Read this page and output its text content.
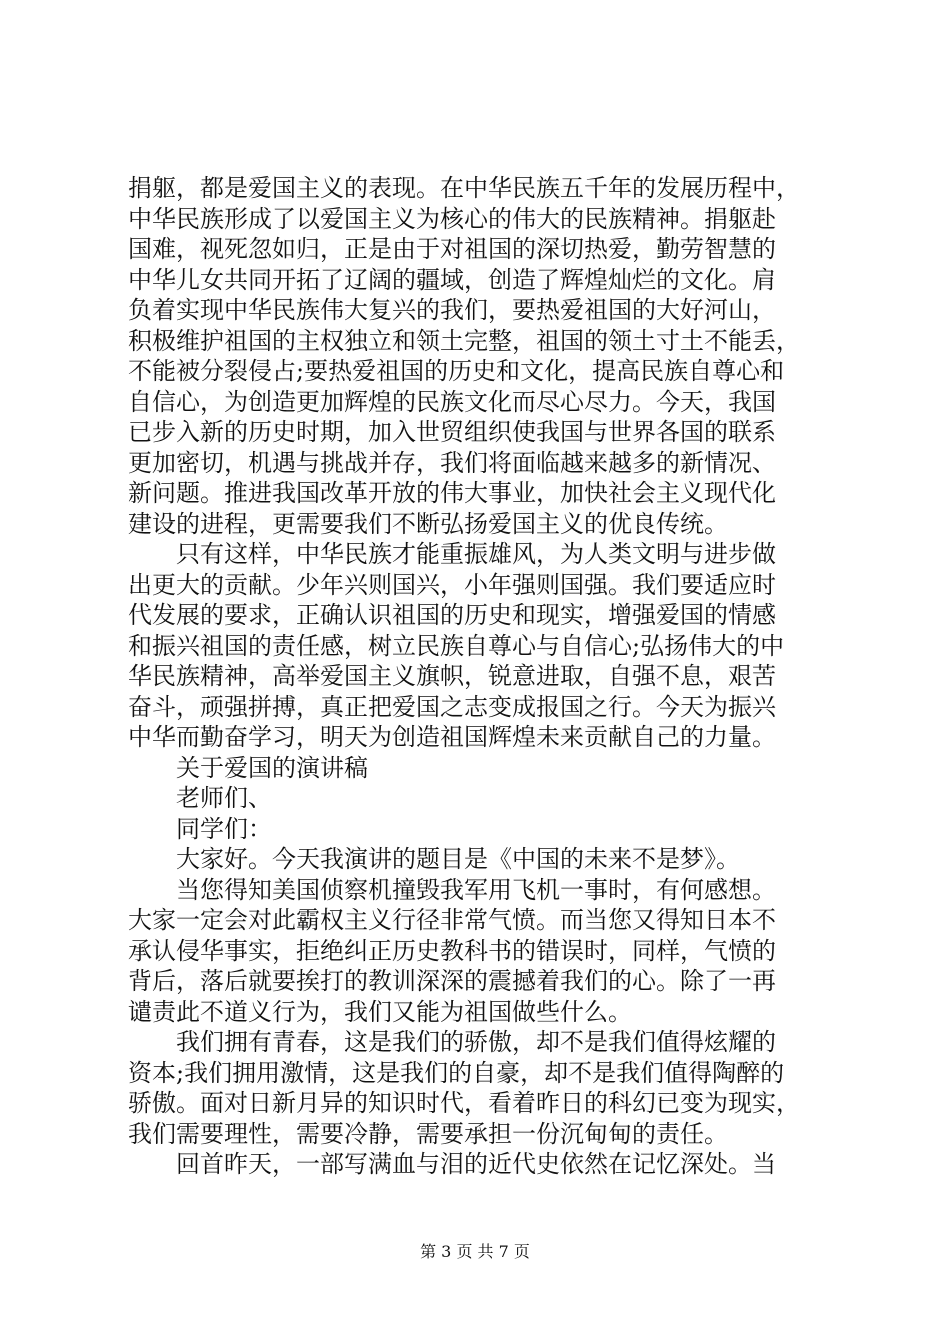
捐躯，都是爱国主义的表现。在中华民族五千年的发展历程中，
中华民族形成了以爱国主义为核心的伟大的民族精神。捐躯赴
国难，视死忽如归，正是由于对祖国的深切热爱，勤劳智慧的
中华儿女共同开拓了辽阔的疆域，创造了辉煌灿烂的文化。肩
负着实现中华民族伟大复兴的我们，要热爱祖国的大好河山，
积极维护祖国的主权独立和领土完整，祖国的领土寸土不能丢，
不能被分裂侵占;要热爱祖国的历史和文化，提高民族自尊心和
自信心，为创造更加辉煌的民族文化而尽心尽力。今天，我国
已步入新的历史时期，加入世贸组织使我国与世界各国的联系
更加密切，机遇与挑战并存，我们将面临越来越多的新情况、
新问题。推进我国改革开放的伟大事业，加快社会主义现代化
建设的进程，更需要我们不断弘扬爱国主义的优良传统。
只有这样，中华民族才能重振雄风，为人类文明与进步做
出更大的贡献。少年兴则国兴，小年强则国强。我们要适应时
代发展的要求，正确认识祖国的历史和现实，增强爱国的情感
和振兴祖国的责任感，树立民族自尊心与自信心;弘扬伟大的中
华民族精神，高举爱国主义旗帜，锐意进取，自强不息，艰苦
奋斗，顽强拼搏，真正把爱国之志变成报国之行。今天为振兴
中华而勤奋学习，明天为创造祖国辉煌未来贡献自己的力量。
关于爱国的演讲稿
老师们、
同学们：
大家好。今天我演讲的题目是《中国的未来不是梦》。
当您得知美国侦察机撞毁我军用飞机一事时，有何感想。
大家一定会对此霸权主义行径非常气愤。而当您又得知日本不
承认侵华事实，拒绝纠正历史教科书的错误时，同样，气愤的
背后，落后就要挨打的教训深深的震撼着我们的心。除了一再
谴责此不道义行为，我们又能为祖国做些什么。
我们拥有青春，这是我们的骄傲，却不是我们值得炫耀的
资本;我们拥用激情，这是我们的自豪，却不是我们值得陶醉的
骄傲。面对日新月异的知识时代，看着昨日的科幻已变为现实，
我们需要理性，需要冷静，需要承担一份沉甸甸的责任。
回首昨天，一部写满血与泪的近代史依然在记忆深处。当
第 3 页 共 7 页
